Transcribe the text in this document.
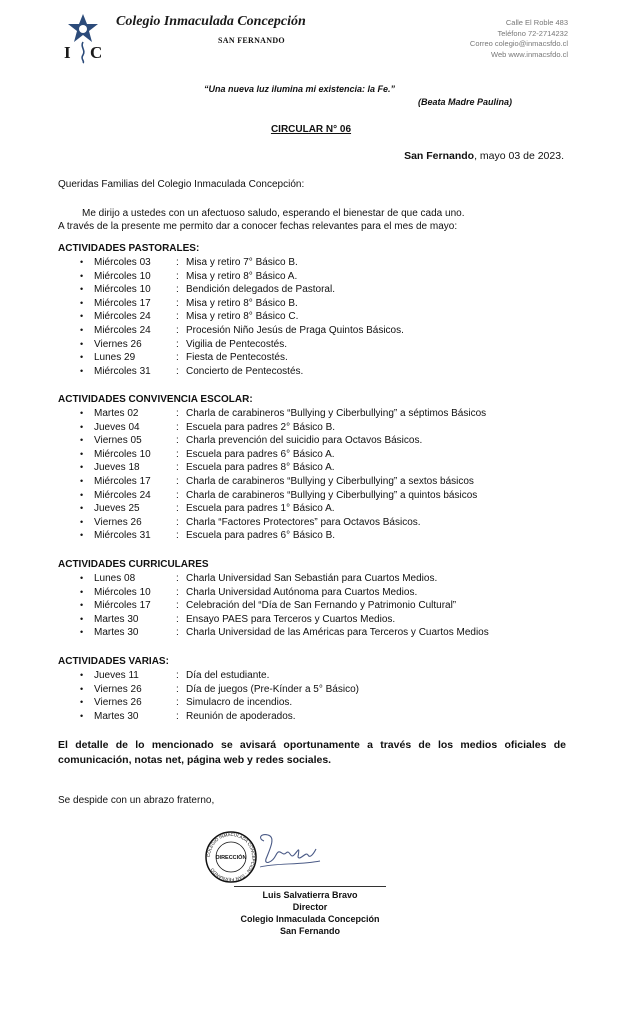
I C
Colegio Inmaculada Concepción
SAN FERNANDO
Calle El Roble 483
Teléfono 72-2714232
Correo colegio@inmacsfdo.cl
Web www.inmacsfdo.cl
“Una nueva luz ilumina mi existencia: la Fe.”
(Beata Madre Paulina)
CIRCULAR N° 06
San Fernando, mayo 03 de 2023.
Queridas Familias del Colegio Inmaculada Concepción:
Me dirijo a ustedes con un afectuoso saludo, esperando el bienestar de que cada uno.
A través de la presente me permito dar a conocer fechas relevantes para el mes de mayo:
ACTIVIDADES PASTORALES:
•	Miércoles 03	: Misa y retiro 7° Básico B.
•	Miércoles 10	: Misa y retiro 8° Básico A.
•	Miércoles 10	: Bendición delegados de Pastoral.
•	Miércoles 17	: Misa y retiro 8° Básico B.
•	Miércoles 24	: Misa y retiro 8° Básico C.
•	Miércoles 24	: Procesión Niño Jesús de Praga Quintos Básicos.
•	Viernes 26	: Vigilia de Pentecostés.
•	Lunes 29	: Fiesta de Pentecostés.
•	Miércoles 31	: Concierto de Pentecostés.
ACTIVIDADES CONVIVENCIA ESCOLAR:
•	Martes 02	: Charla de carabineros “Bullying y Ciberbullying” a séptimos Básicos
•	Jueves 04	: Escuela para padres 2° Básico B.
•	Viernes 05	: Charla prevención del suicidio para Octavos Básicos.
•	Miércoles 10	: Escuela para padres 6° Básico A.
•	Jueves 18	: Escuela para padres 8° Básico A.
•	Miércoles 17	: Charla de carabineros “Bullying y Ciberbullying” a sextos básicos
•	Miércoles 24	: Charla de carabineros “Bullying y Ciberbullying” a quintos básicos
•	Jueves 25	: Escuela para padres 1° Básico A.
•	Viernes 26	: Charla “Factores Protectores” para Octavos Básicos.
•	Miércoles 31	: Escuela para padres 6° Básico B.
ACTIVIDADES CURRICULARES
•	Lunes 08	: Charla Universidad San Sebastián para Cuartos Medios.
•	Miércoles 10	: Charla Universidad Autónoma para Cuartos Medios.
•	Miércoles 17	: Celebración del “Día de San Fernando y Patrimonio Cultural”
•	Martes 30	: Ensayo PAES para Terceros y Cuartos Medios.
•	Martes 30	: Charla Universidad de las Américas para Terceros y Cuartos Medios
ACTIVIDADES VARIAS:
•	Jueves 11	: Día del estudiante.
•	Viernes 26	: Día de juegos (Pre-Kínder a 5° Básico)
•	Viernes 26	: Simulacro de incendios.
•	Martes 30	: Reunión de apoderados.
El detalle de lo mencionado se avisará oportunamente a través de los medios oficiales de comunicación, notas net, página web y redes sociales.
Se despide con un abrazo fraterno,
COLEGIO INMACULADA CONCEPCIÓN · SAN FERNANDO
DIRECCIÓN
Luis Salvatierra Bravo
Director
Colegio Inmaculada Concepción
San Fernando
